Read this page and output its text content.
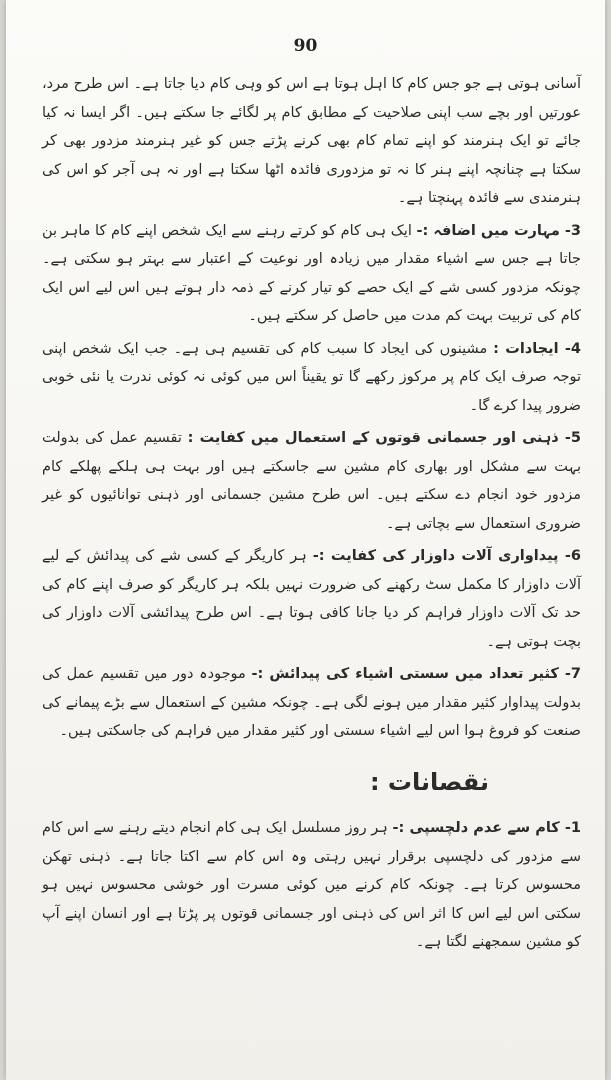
90

آسانی ہوتی ہے جو جس کام کا اہل ہوتا ہے اس کو وہی کام دیا جاتا ہے۔ اس طرح مرد، عورتیں اور بچے سب اپنی صلاحیت کے مطابق کام پر لگائے جا سکتے ہیں۔ اگر ایسا نہ کیا جائے تو ایک ہنرمند کو اپنے تمام کام بھی کرنے پڑتے جس کو غیر ہنرمند مزدور بھی کر سکتا ہے چنانچہ اپنے ہنر کا نہ تو مزدوری فائدہ اٹھا سکتا ہے اور نہ ہی آجر کو اس کی ہنرمندی سے فائدہ پہنچتا ہے۔

3- مہارت میں اضافہ :- ایک ہی کام کو کرتے رہنے سے ایک شخص اپنے کام کا ماہر بن جاتا ہے جس سے اشیاء مقدار میں زیادہ اور نوعیت کے اعتبار سے بہتر ہو سکتی ہے۔ چونکہ مزدور کسی شے کے ایک حصے کو تیار کرنے کے ذمہ دار ہوتے ہیں اس لیے اس ایک کام کی تربیت بہت کم مدت میں حاصل کر سکتے ہیں۔

4- ایجادات : مشینوں کی ایجاد کا سبب کام کی تقسیم ہی ہے۔ جب ایک شخص اپنی توجہ صرف ایک کام پر مرکوز رکھے گا تو یقیناً اس میں کوئی نہ کوئی ندرت یا نئی خوبی ضرور پیدا کرے گا۔

5- ذہنی اور جسمانی قوتوں کے استعمال میں کفایت : تقسیم عمل کی بدولت بہت سے مشکل اور بھاری کام مشین سے جاسکتے ہیں اور بہت ہی ہلکے پھلکے کام مزدور خود انجام دے سکتے ہیں۔ اس طرح مشین جسمانی اور ذہنی توانائیوں کو غیر ضروری استعمال سے بچاتی ہے۔

6- پیداواری آلات داوزار کی کفایت :- ہر کاریگر کے کسی شے کی پیدائش کے لیے آلات داوزار کا مکمل سٹ رکھنے کی ضرورت نہیں بلکہ ہر کاریگر کو صرف اپنے کام کی حد تک آلات داوزار فراہم کر دیا جانا کافی ہوتا ہے۔ اس طرح پیدائشی آلات داوزار کی بچت ہوتی ہے۔

7- کثیر تعداد میں سستی اشیاء کی پیدائش :- موجودہ دور میں تقسیم عمل کی بدولت پیداوار کثیر مقدار میں ہونے لگی ہے۔ چونکہ مشین کے استعمال سے بڑے پیمانے کی صنعت کو فروغ ہوا اس لیے اشیاء سستی اور کثیر مقدار میں فراہم کی جاسکتی ہیں۔

نقصانات :

1- کام سے عدم دلچسپی :- ہر روز مسلسل ایک ہی کام انجام دیتے رہنے سے اس کام سے مزدور کی دلچسپی برقرار نہیں رہتی وہ اس کام سے اکتا جاتا ہے۔ ذہنی تھکن محسوس کرتا ہے۔ چونکہ کام کرنے میں کوئی مسرت اور خوشی محسوس نہیں ہو سکتی اس لیے اس کا اثر اس کی ذہنی اور جسمانی قوتوں پر پڑتا ہے اور انسان اپنے آپ کو مشین سمجھنے لگتا ہے۔
